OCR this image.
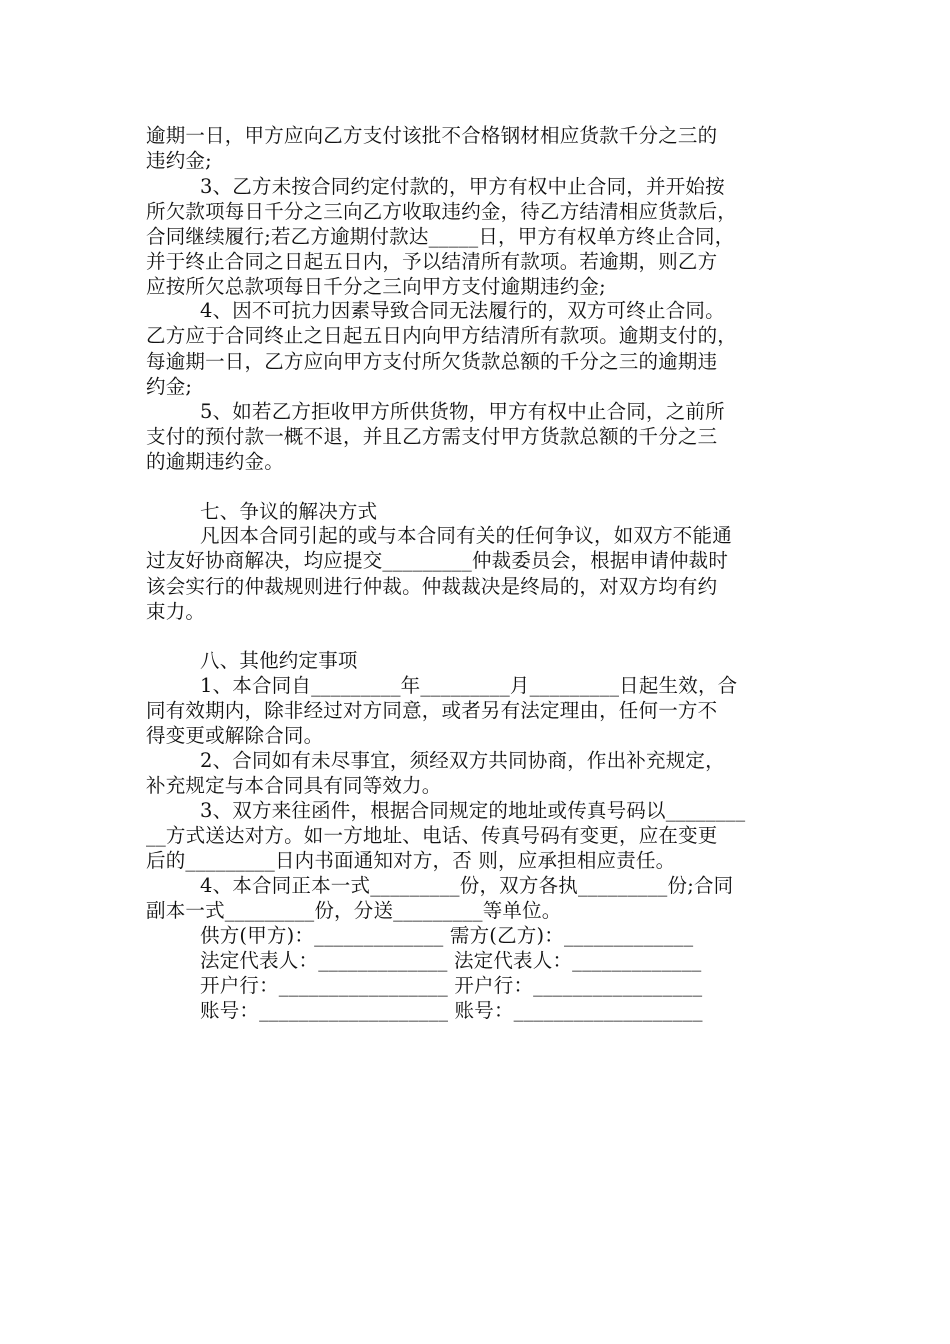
逾期一日，甲方应向乙方支付该批不合格钢材相应货款千分之三的
违约金;
3、乙方未按合同约定付款的，甲方有权中止合同，并开始按
所欠款项每日千分之三向乙方收取违约金，待乙方结清相应货款后，
合同继续履行;若乙方逾期付款达_____日，甲方有权单方终止合同，
并于终止合同之日起五日内，予以结清所有款项。若逾期，则乙方
应按所欠总款项每日千分之三向甲方支付逾期违约金;
4、因不可抗力因素导致合同无法履行的，双方可终止合同。
乙方应于合同终止之日起五日内向甲方结清所有款项。逾期支付的，
每逾期一日，乙方应向甲方支付所欠货款总额的千分之三的逾期违
约金;
5、如若乙方拒收甲方所供货物，甲方有权中止合同，之前所
支付的预付款一概不退，并且乙方需支付甲方货款总额的千分之三
的逾期违约金。
七、争议的解决方式
凡因本合同引起的或与本合同有关的任何争议，如双方不能通
过友好协商解决，均应提交_________仲裁委员会，根据申请仲裁时
该会实行的仲裁规则进行仲裁。仲裁裁决是终局的，对双方均有约
束力。
八、其他约定事项
1、本合同自_________年_________月_________日起生效，合
同有效期内，除非经过对方同意，或者另有法定理由，任何一方不
得变更或解除合同。
2、合同如有未尽事宜，须经双方共同协商，作出补充规定，
补充规定与本合同具有同等效力。
3、双方来往函件，根据合同规定的地址或传真号码以________
__方式送达对方。如一方地址、电话、传真号码有变更，应在变更
后的_________日内书面通知对方，否 则，应承担相应责任。
4、本合同正本一式_________份，双方各执_________份;合同
副本一式_________份，分送_________等单位。
供方(甲方)：_____________ 需方(乙方)：_____________
法定代表人：_____________ 法定代表人：_____________
开户行：_________________ 开户行：_________________
账号：___________________ 账号：___________________
